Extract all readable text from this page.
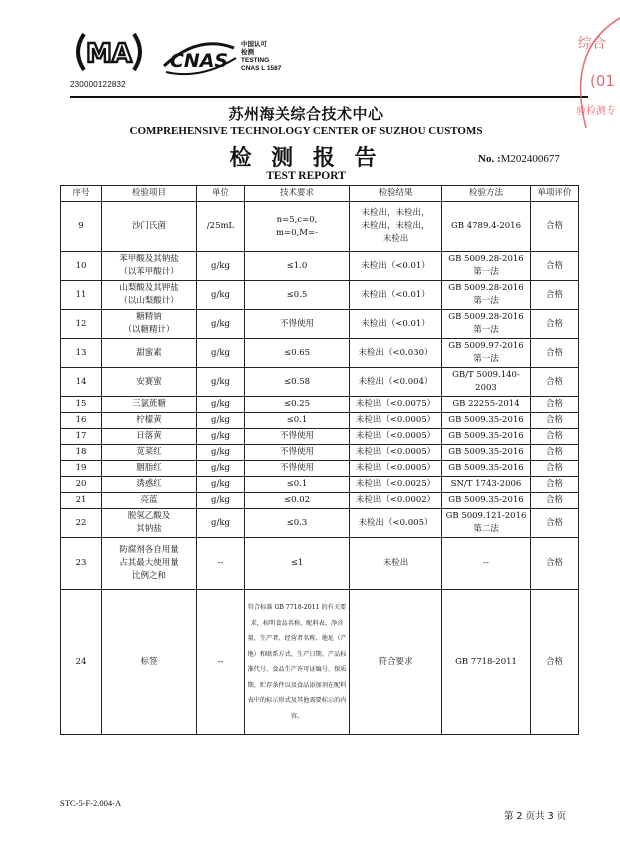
MA
230000122832
CNAS
中国认可
检测
TESTING
CNAS L 1587
综合
(01
验检测专
苏州海关综合技术中心
COMPREHENSIVE TECHNOLOGY CENTER OF SUZHOU CUSTOMS
检 测 报 告
TEST REPORT
No. :M202400677
序号	检验项目	单位	技术要求	检验结果	检验方法	单项评价
9	沙门氏菌	/25mL	n=5,c=0,
m=0,M=-	未检出，未检出，
未检出，未检出，
未检出	GB 4789.4-2016	合格
10	苯甲酸及其钠盐
（以苯甲酸计）	g/kg	≤1.0	未检出（<0.01）	GB 5009.28-2016
第一法	合格
11	山梨酸及其钾盐
（以山梨酸计）	g/kg	≤0.5	未检出（<0.01）	GB 5009.28-2016
第一法	合格
12	糖精钠
（以糖精计）	g/kg	不得使用	未检出（<0.01）	GB 5009.28-2016
第一法	合格
13	甜蜜素	g/kg	≤0.65	未检出（<0.030）	GB 5009.97-2016
第一法	合格
14	安赛蜜	g/kg	≤0.58	未检出（<0.004）	GB/T 5009.140-2003	合格
15	三氯蔗糖	g/kg	≤0.25	未检出（<0.0075）	GB 22255-2014	合格
16	柠檬黄	g/kg	≤0.1	未检出（<0.0005）	GB 5009.35-2016	合格
17	日落黄	g/kg	不得使用	未检出（<0.0005）	GB 5009.35-2016	合格
18	苋菜红	g/kg	不得使用	未检出（<0.0005）	GB 5009.35-2016	合格
19	胭脂红	g/kg	不得使用	未检出（<0.0005）	GB 5009.35-2016	合格
20	诱惑红	g/kg	≤0.1	未检出（<0.0025）	SN/T 1743-2006	合格
21	亮蓝	g/kg	≤0.02	未检出（<0.0002）	GB 5009.35-2016	合格
22	脱氢乙酸及
其钠盐	g/kg	≤0.3	未检出（<0.005）	GB 5009.121-2016
第二法	合格
23	防腐剂各自用量
占其最大使用量
比例之和	--	≤1	未检出	--	合格
24	标签	--	符合标准 GB 7718-2011 的有关要求，标明食品名称、配料表、净含量、生产者、经营者名称、地址（产地）和联系方式、生产日期、产品标准代号、食品生产许可证编号、保质期、贮存条件以及食品添加剂在配料表中的标示形式及其他需要标示的内容。	符合要求	GB 7718-2011	合格
STC-5-F-2.004-A
第 2 页共 3 页
